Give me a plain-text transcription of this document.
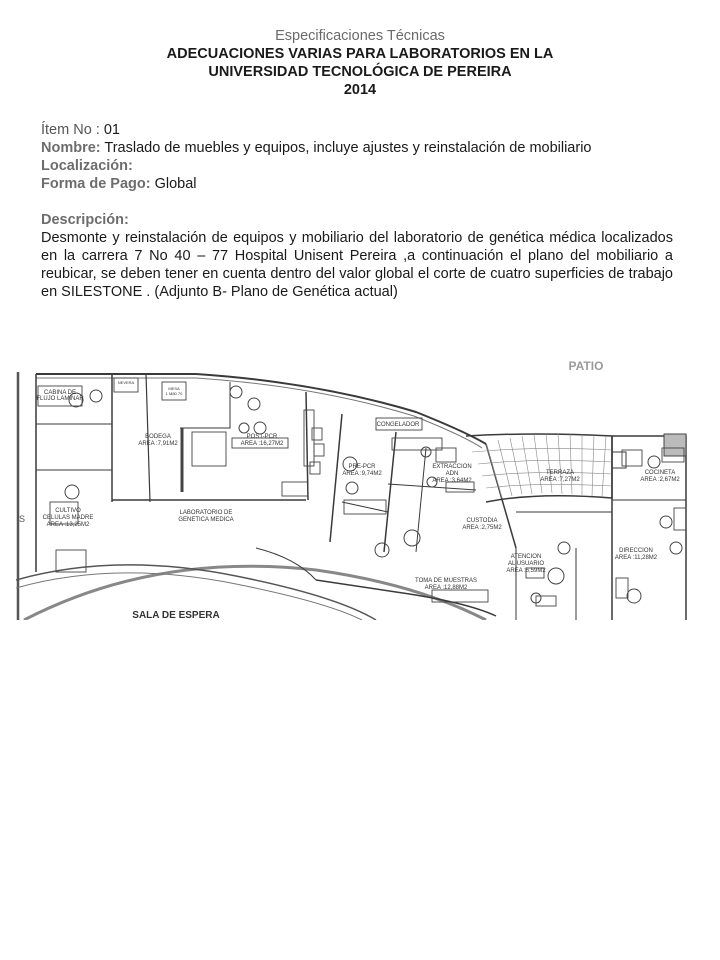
Especificaciones Técnicas
ADECUACIONES VARIAS PARA LABORATORIOS EN LA
UNIVERSIDAD TECNOLÓGICA DE PEREIRA
2014
Ítem No : 01
Nombre: Traslado de muebles y equipos, incluye ajustes y reinstalación de mobiliario
Localización:
Forma de Pago: Global
Descripción:
Desmonte y reinstalación de equipos y mobiliario del laboratorio de genética médica localizados en la carrera 7 No 40 – 77 Hospital Unisent Pereira ,a continuación el plano del mobiliario a reubicar, se deben tener en cuenta dentro del valor global el corte de cuatro superficies de trabajo en SILESTONE . (Adjunto B- Plano de Genética actual)
PATIO
SALA DE ESPERA
S
CABINA DE
FLUJO LAMINAR
CULTIVO
CELULAS MADRE
AREA :13,25M2
BODEGA
AREA :7,91M2
POST-PCR
AREA :16,27M2
LABORATORIO DE
GENETICA MEDICA
PRE-PCR
AREA :9,74M2
EXTRACCION
ADN
AREA :3,64M2
CONGELADOR
CUSTODIA
AREA :2,75M2
TOMA DE MUESTRAS
AREA :12,88M2
ATENCION
AL USUARIO
AREA :6,59M2
TERRAZA
AREA :7,27M2
COCINETA
AREA :2,67M2
DIRECCION
AREA :11,28M2
NEVERA
MESA
1 M80.70
